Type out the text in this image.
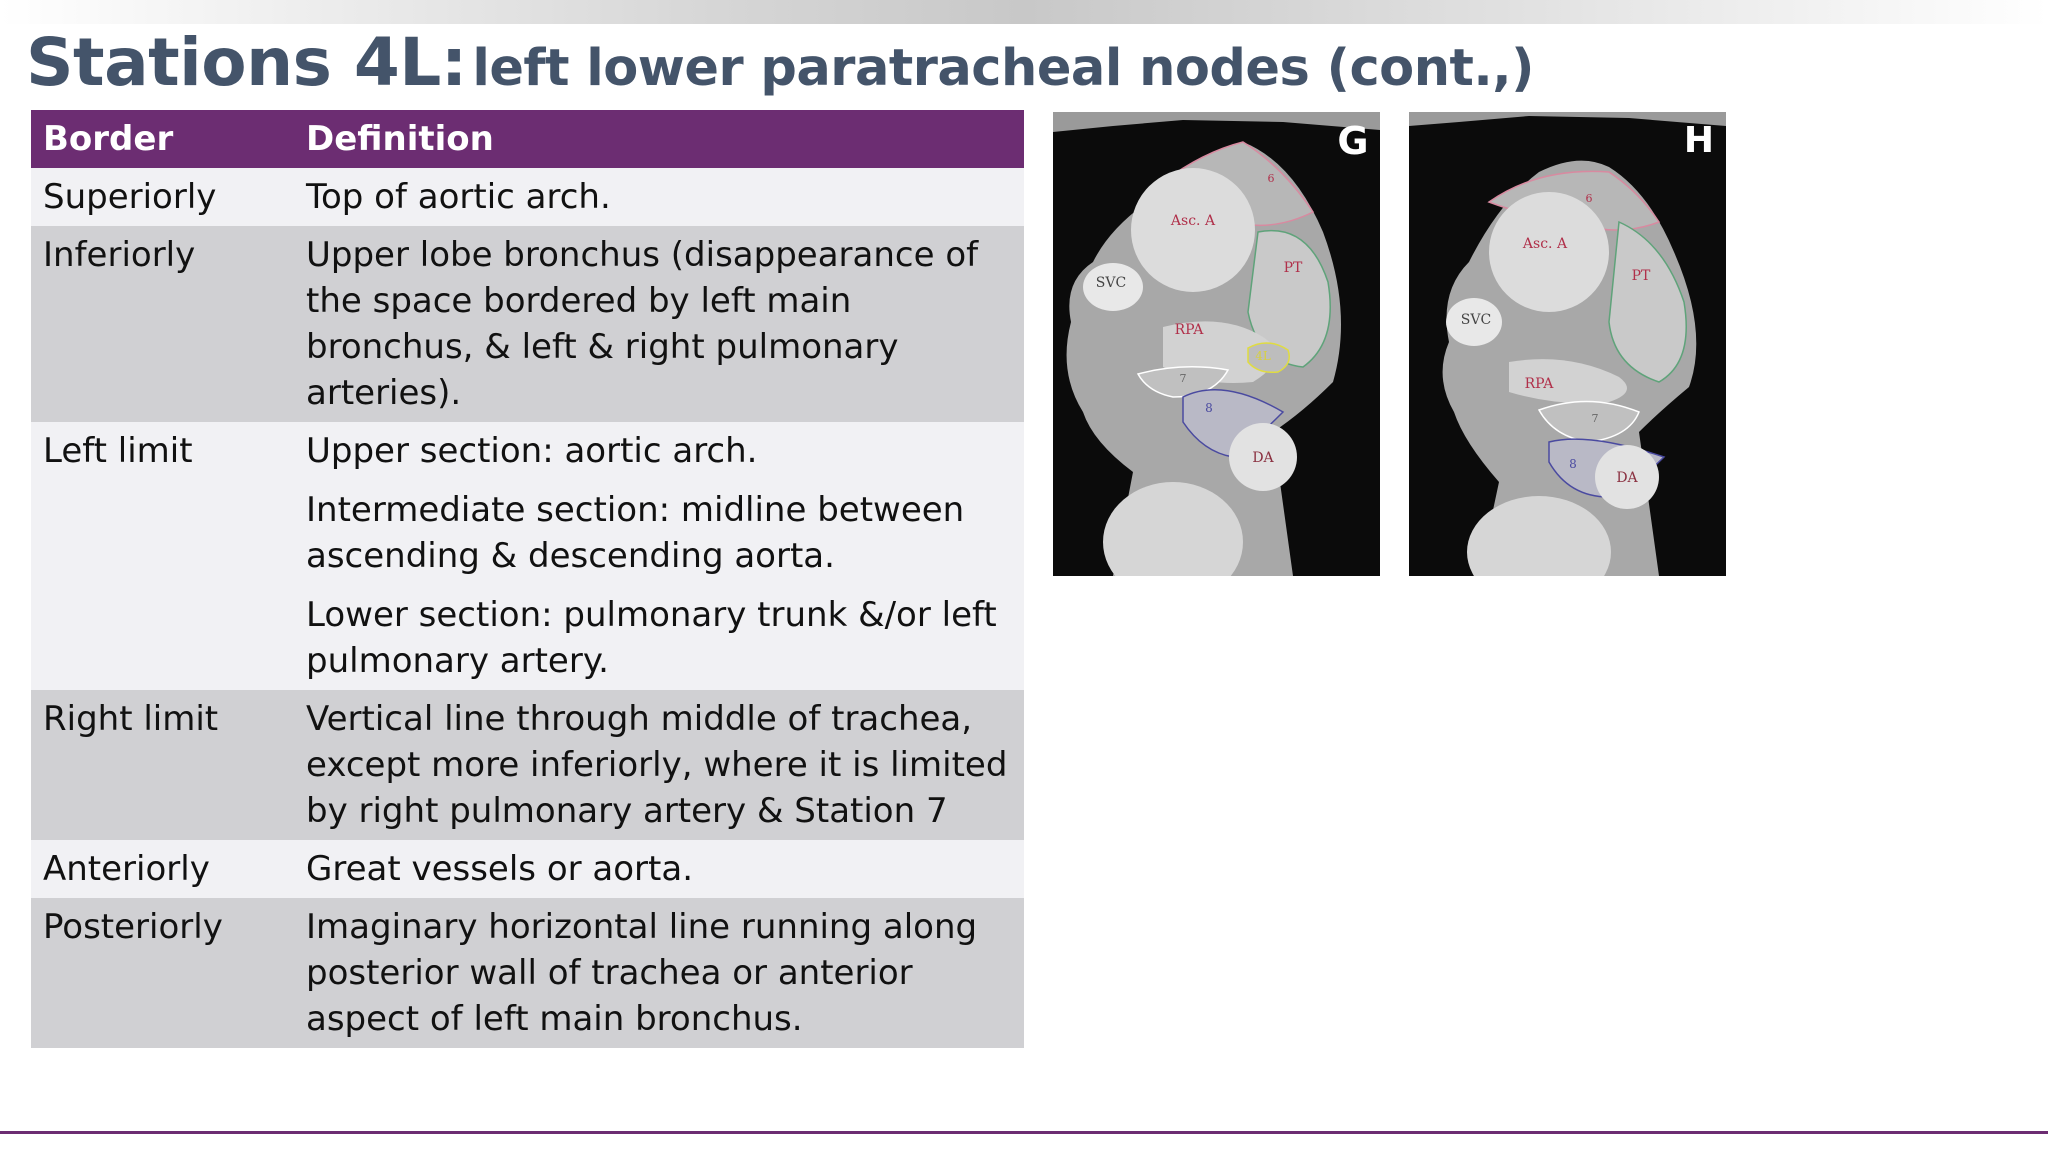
Stations 4L: left lower paratracheal nodes (cont.,)
Border	Definition
Superiorly	Top of aortic arch.

Inferiorly	Upper lobe bronchus (disappearance of the space bordered by left main bronchus, & left & right pulmonary arteries).

Left limit	Upper section: aortic arch.

Intermediate section: midline between ascending & descending aorta.

Lower section: pulmonary trunk &/or left pulmonary artery.

Right limit	Vertical line through middle of trachea, except more inferiorly, where it is limited by right pulmonary artery & Station 7

Anteriorly	Great vessels or aorta.

Posteriorly	Imaginary horizontal line running along posterior wall of trachea or anterior aspect of left main bronchus.

Asc. A
PT
RPA
6
4L
SVC
7
8
DA
G
Asc. A
PT
RPA
6
SVC
7
8
DA
H
